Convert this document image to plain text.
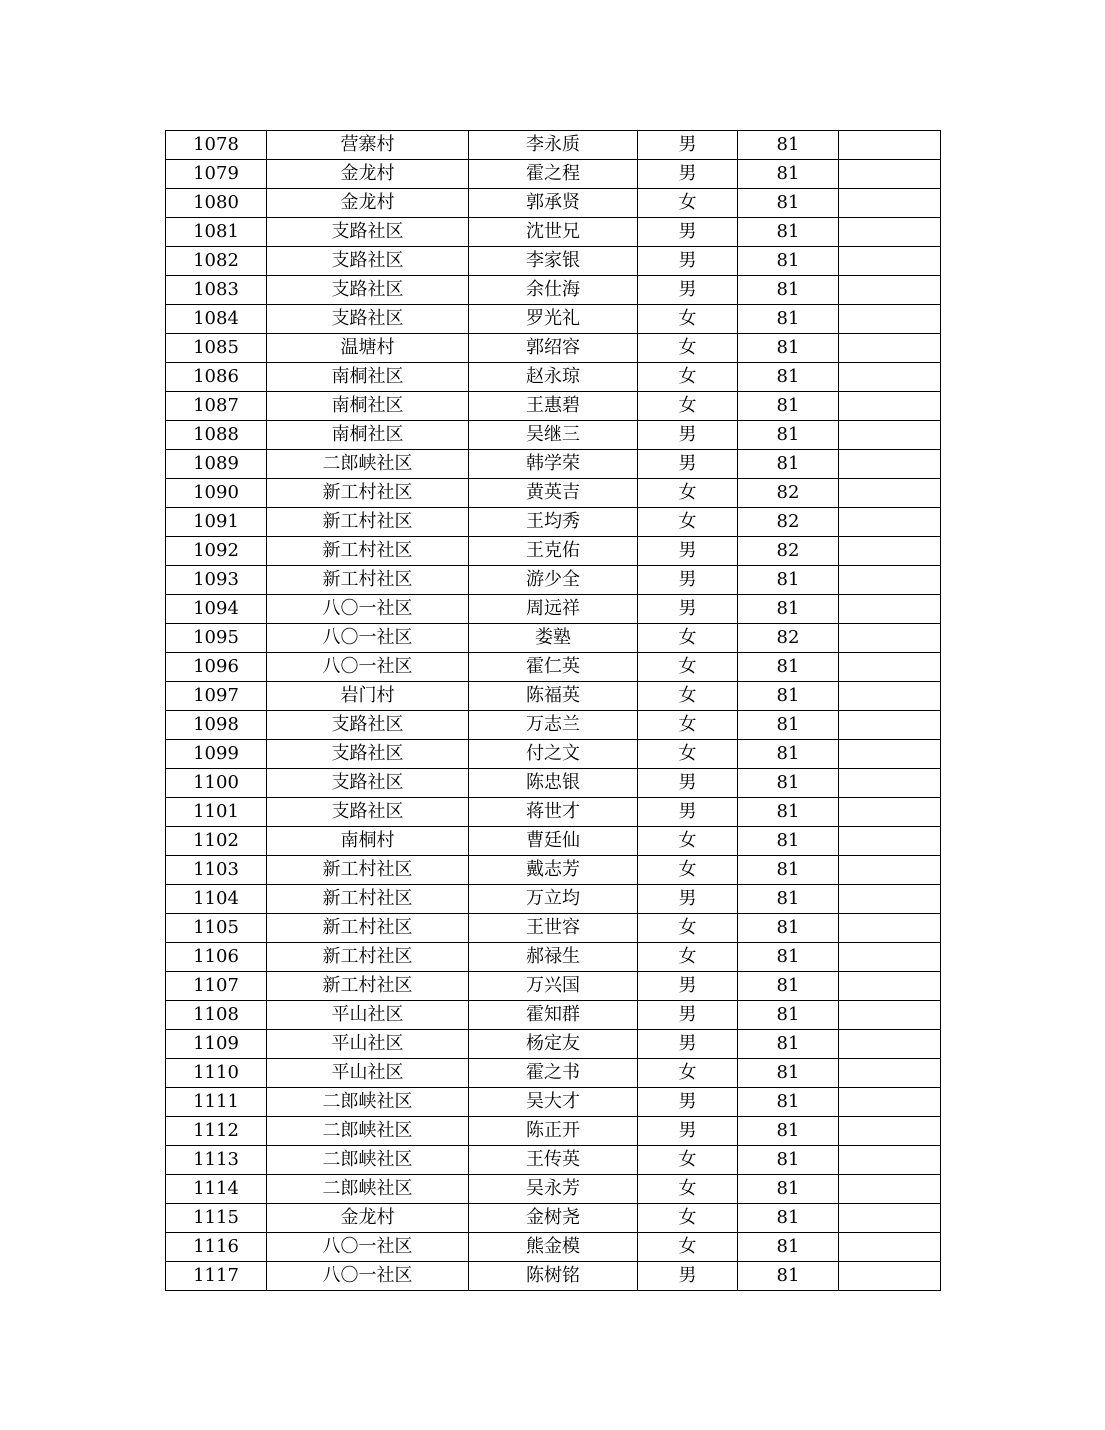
1078	营寨村	李永质	男	81	
1079	金龙村	霍之程	男	81	
1080	金龙村	郭承贤	女	81	
1081	支路社区	沈世兄	男	81	
1082	支路社区	李家银	男	81	
1083	支路社区	余仕海	男	81	
1084	支路社区	罗光礼	女	81	
1085	温塘村	郭绍容	女	81	
1086	南桐社区	赵永琼	女	81	
1087	南桐社区	王惠碧	女	81	
1088	南桐社区	吴继三	男	81	
1089	二郎峡社区	韩学荣	男	81	
1090	新工村社区	黄英吉	女	82	
1091	新工村社区	王均秀	女	82	
1092	新工村社区	王克佑	男	82	
1093	新工村社区	游少全	男	81	
1094	八〇一社区	周远祥	男	81	
1095	八〇一社区	娄塾	女	82	
1096	八〇一社区	霍仁英	女	81	
1097	岩门村	陈福英	女	81	
1098	支路社区	万志兰	女	81	
1099	支路社区	付之文	女	81	
1100	支路社区	陈忠银	男	81	
1101	支路社区	蒋世才	男	81	
1102	南桐村	曹廷仙	女	81	
1103	新工村社区	戴志芳	女	81	
1104	新工村社区	万立均	男	81	
1105	新工村社区	王世容	女	81	
1106	新工村社区	郝禄生	女	81	
1107	新工村社区	万兴国	男	81	
1108	平山社区	霍知群	男	81	
1109	平山社区	杨定友	男	81	
1110	平山社区	霍之书	女	81	
1111	二郎峡社区	吴大才	男	81	
1112	二郎峡社区	陈正开	男	81	
1113	二郎峡社区	王传英	女	81	
1114	二郎峡社区	吴永芳	女	81	
1115	金龙村	金树尧	女	81	
1116	八〇一社区	熊金模	女	81	
1117	八〇一社区	陈树铭	男	81	
